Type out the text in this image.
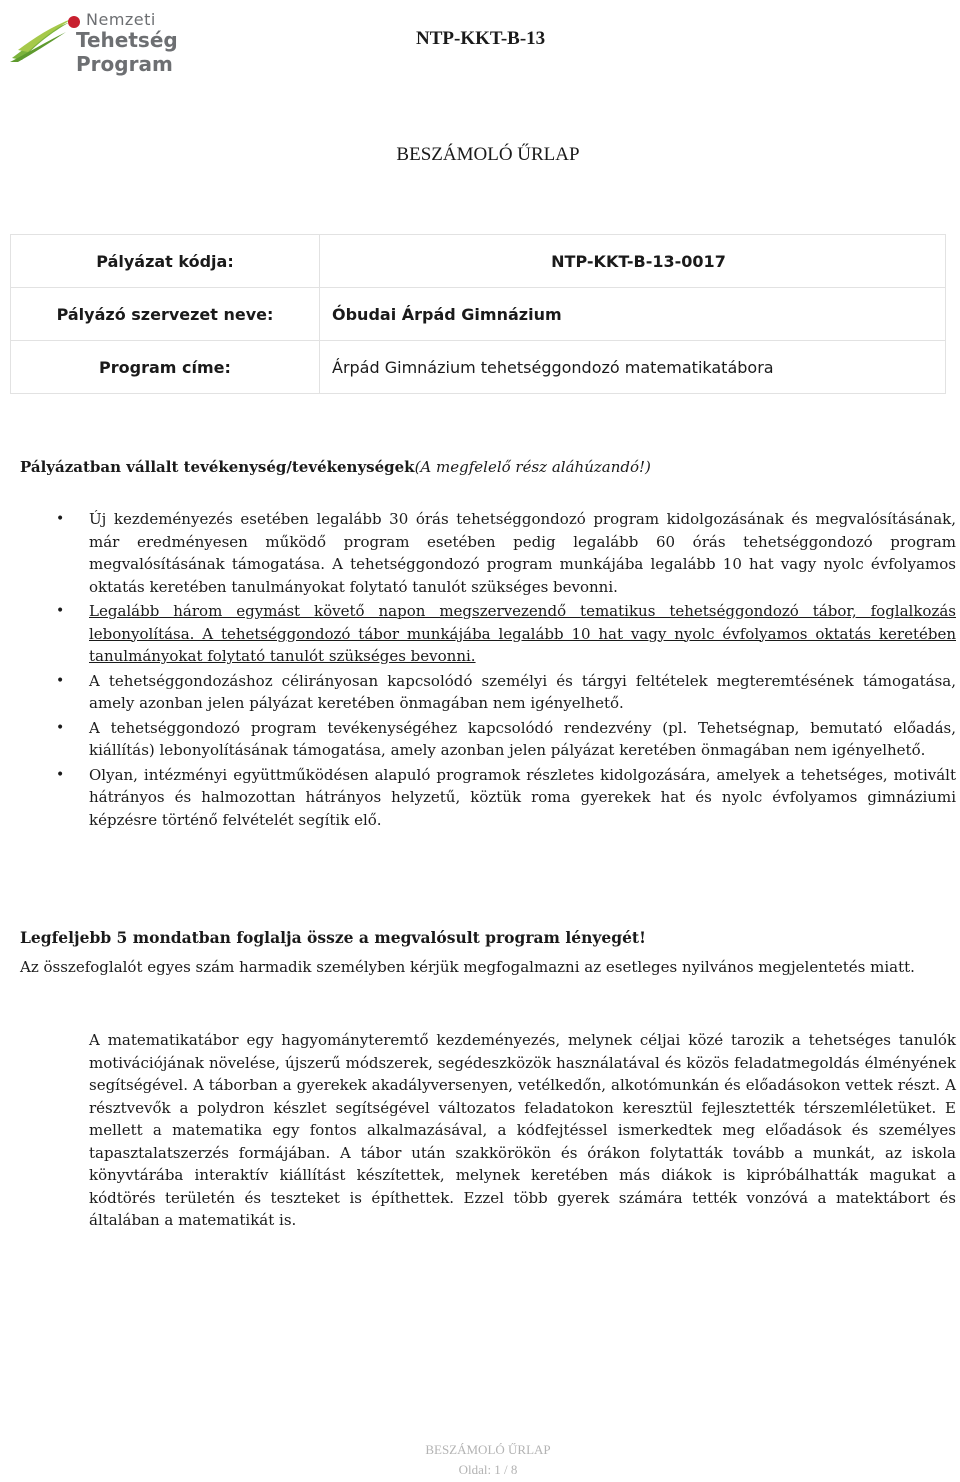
Nemzeti
Tehetség Program
NTP-KKT-B-13
BESZÁMOLÓ ŰRLAP
Pályázat kódja:	NTP-KKT-B-13-0017
Pályázó szervezet neve:	Óbudai Árpád Gimnázium
Program címe:	Árpád Gimnázium tehetséggondozó matematikatábora
Pályázatban vállalt tevékenység/tevékenységek(A megfelelő rész aláhúzandó!)
• Új kezdeményezés esetében legalább 30 órás tehetséggondozó program kidolgozásának és megvalósításának, már eredményesen működő program esetében pedig legalább 60 órás tehetséggondozó program megvalósításának támogatása. A tehetséggondozó program munkájába legalább 10 hat vagy nyolc évfolyamos oktatás keretében tanulmányokat folytató tanulót szükséges bevonni.
• Legalább három egymást követő napon megszervezendő tematikus tehetséggondozó tábor, foglalkozás lebonyolítása. A tehetséggondozó tábor munkájába legalább 10 hat vagy nyolc évfolyamos oktatás keretében tanulmányokat folytató tanulót szükséges bevonni.
• A tehetséggondozáshoz célirányosan kapcsolódó személyi és tárgyi feltételek megteremtésének támogatása, amely azonban jelen pályázat keretében önmagában nem igényelhető.
• A tehetséggondozó program tevékenységéhez kapcsolódó rendezvény (pl. Tehetségnap, bemutató előadás, kiállítás) lebonyolításának támogatása, amely azonban jelen pályázat keretében önmagában nem igényelhető.
• Olyan, intézményi együttműködésen alapuló programok részletes kidolgozására, amelyek a tehetséges, motivált hátrányos és halmozottan hátrányos helyzetű, köztük roma gyerekek hat és nyolc évfolyamos gimnáziumi képzésre történő felvételét segítik elő.
Legfeljebb 5 mondatban foglalja össze a megvalósult program lényegét!
Az összefoglalót egyes szám harmadik személyben kérjük megfogalmazni az esetleges nyilvános megjelentetés miatt.
A matematikatábor egy hagyományteremtő kezdeményezés, melynek céljai közé tarozik a tehetséges tanulók motivációjának növelése, újszerű módszerek, segédeszközök használatával és közös feladatmegoldás élményének segítségével. A táborban a gyerekek akadályversenyen, vetélkedőn, alkotómunkán és előadásokon vettek részt. A résztvevők a polydron készlet segítségével változatos feladatokon keresztül fejlesztették térszemléletüket. E mellett a matematika egy fontos alkalmazásával, a kódfejtéssel ismerkedtek meg előadások és személyes tapasztalatszerzés formájában. A tábor után szakkörökön és órákon folytatták tovább a munkát, az iskola könyvtárába interaktív kiállítást készítettek, melynek keretében más diákok is kipróbálhatták magukat a kódtörés területén és teszteket is építhettek. Ezzel több gyerek számára tették vonzóvá a matektábort és általában a matematikát is.
BESZÁMOLÓ ŰRLAP
Oldal: 1 / 8
